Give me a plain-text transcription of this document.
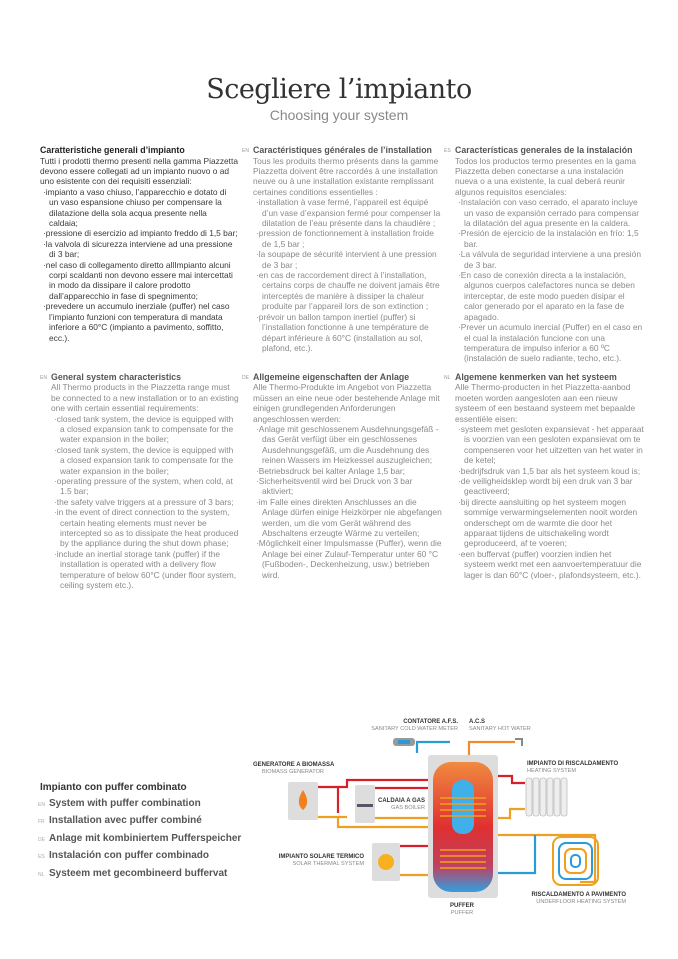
Scegliere l’impianto
Choosing your system
Caratteristiche generali d’impianto

Tutti i prodotti thermo presenti nella gamma Piazzetta devono essere collegati ad un impianto nuovo o ad uno esistente con dei requisiti essenziali:

· impianto a vaso chiuso, l’apparecchio e dotato di un vaso espansione chiuso per compensare la dilatazione della sola acqua presente nella caldaia;
· pressione di esercizio ad impianto freddo di 1,5 bar;
· la valvola di sicurezza interviene ad una pressione di 3 bar;
· nel caso di collegamento diretto allImpianto alcuni corpi scaldanti non devono essere mai intercettati in modo da dissipare il calore prodotto dall’apparecchio in fase di spegnimento;
· prevedere un accumulo inerziale (puffer) nel caso l’impianto funzioni con temperatura di mandata inferiore a 60°C (impianto a pavimento, soffitto, ecc.).
EN Caractéristiques générales de l’installation

Tous les produits thermo présents dans la gamme Piazzetta doivent être raccordés à une installation neuve ou à une installation existante remplissant certaines conditions essentielles :

· installation à vase fermé, l’appareil est équipé d’un vase d’expansion fermé pour compenser la dilatation de l’eau présente dans la chaudière ;
· pression de fonctionnement à installation froide de 1,5 bar ;
· la soupape de sécurité intervient à une pression de 3 bar ;
· en cas de raccordement direct à l’installation, certains corps de chauffe ne doivent jamais être interceptés de manière à dissiper la chaleur produite par l’appareil lors de son extinction ;
· prévoir un ballon tampon inertiel (puffer) si l’installation fonctionne à une température de départ inférieure à 60°C (installation au sol, plafond, etc.).
ES Características generales de la instalación

Todos los productos termo presentes en la gama Piazzetta deben conectarse a una instalación nueva o a una existente, la cual deberá reunir algunos requisitos esenciales:

· Instalación con vaso cerrado, el aparato incluye un vaso de expansión cerrado para compensar la dilatación del agua presente en la caldera.
· Presión de ejercicio de la instalación en frío: 1,5 bar.
· La válvula de seguridad interviene a una presión de 3 bar.
· En caso de conexión directa a la instalación, algunos cuerpos calefactores nunca se deben interceptar, de este modo pueden disipar el calor generado por el aparato en la fase de apagado.
· Prever un acumulo inercial (Puffer) en el caso en el cual la instalación funcione con una temperatura de impulso inferior a 60 ºC (instalación de suelo radiante, techo, etc.).
EN General system characteristics

All Thermo products in the Piazzetta range must be connected to a new installation or to an existing one with certain essential requirements:

· closed tank system, the device is equipped with a closed expansion tank to compensate for the water expansion in the boiler;
· closed tank system, the device is equipped with a closed expansion tank to compensate for the water expansion in the boiler;
· operating pressure of the system, when cold, at 1.5 bar;
· the safety valve triggers at a pressure of 3 bars;
· in the event of direct connection to the system, certain heating elements must never be intercepted so as to dissipate the heat produced by the appliance during the shut down phase;
· include an inertial storage tank (puffer) if the installation is operated with a delivery flow temperature of below 60°C (under floor system, ceiling system etc.).
DE Allgemeine eigenschaften der Anlage

Alle Thermo-Produkte im Angebot von Piazzetta müssen an eine neue oder bestehende Anlage mit einigen grundlegenden Anforderungen angeschlossen werden:

· Anlage mit geschlossenem Ausdehnungsgefäß - das Gerät verfügt über ein geschlossenes Ausdehnungsgefäß, um die Ausdehnung des reinen Wassers im Heizkessel auszugleichen;
· Betriebsdruck bei kalter Anlage 1,5 bar;
· Sicherheitsventil wird bei Druck von 3 bar aktiviert;
· im Falle eines direkten Anschlusses an die Anlage dürfen einige Heizkörper nie abgefangen werden, um die vom Gerät während des Abschaltens erzeugte Wärme zu verteilen;
· Möglichkeit einer Impulsmasse (Puffer), wenn die Anlage bei einer Zulauf-Temperatur unter 60 °C (Fußboden-, Deckenheizung, usw.) betrieben wird.
NL Algemene kenmerken van het systeem

Alle Thermo-producten in het Piazzetta-aanbod moeten worden aangesloten aan een nieuw systeem of een bestaand systeem met bepaalde essentiële eisen:

· systeem met gesloten expansievat - het apparaat is voorzien van een gesloten expansievat om te compenseren voor het uitzetten van het water in de ketel;
· bedrijfsdruk van 1,5 bar als het systeem koud is;
· de veiligheidsklep wordt bij een druk van 3 bar geactiveerd;
· bij directe aansluiting op het systeem mogen sommige verwarmingselementen nooit worden onderschept om de warmte die door het apparaat tijdens de uitschakeling wordt geproduceerd, af te voeren;
· een buffervat (puffer) voorzien indien het systeem werkt met een aanvoertemperatuur die lager is dan 60°C (vloer-, plafondsysteem, etc.).
Impianto con puffer combinato
EN System with puffer combination
FR Installation avec puffer combiné
DE Anlage mit kombiniertem Pufferspeicher
ES Instalación con puffer combinado
NL Systeem met gecombineerd buffervat
CONTATORE A.F.S.
SANITARY COLD WATER METER
A.C.S
SANITARY HOT WATER
GENERATORE A BIOMASSA
BIOMASS GENERATOR
CALDAIA A GAS
GAS BOILER
IMPIANTO DI RISCALDAMENTO
HEATING SYSTEM
IMPIANTO SOLARE TERMICO
SOLAR THERMAL SYSTEM
RISCALDAMENTO A PAVIMENTO
UNDERFLOOR HEATING SYSTEM
PUFFER
PUFFER
